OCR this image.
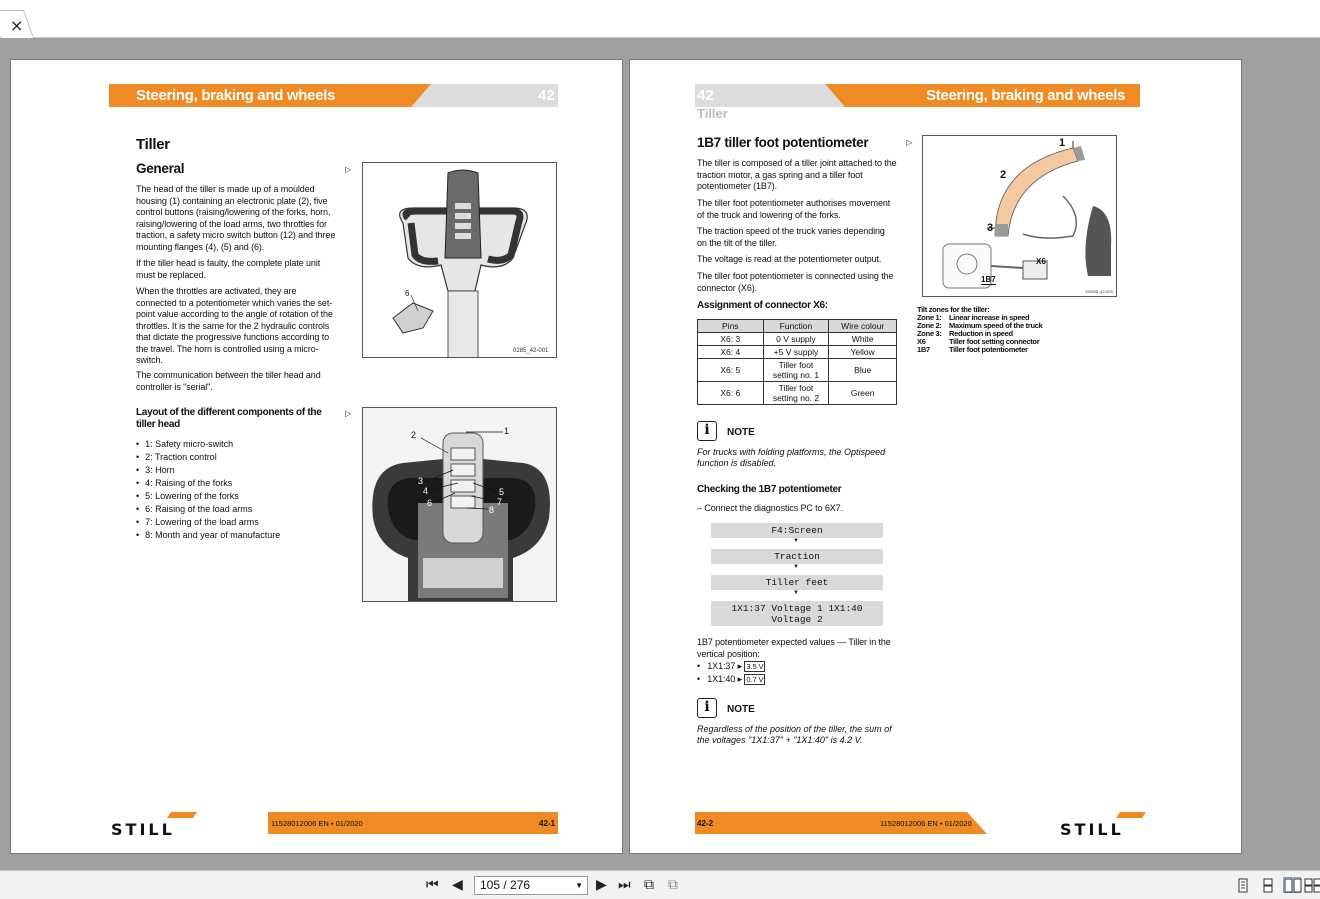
×
Steering, braking and wheels	42
Tiller
General	▷
The head of the tiller is made up of a moulded housing (1) containing an electronic plate (2), five control buttons (raising/lowering of the forks, horn, raising/lowering of the load arms, two throttles for traction, a safety micro switch button (12) and three mounting flanges (4), (5) and (6).
If the tiller head is faulty, the complete plate unit must be replaced.
When the throttles are activated, they are connected to a potentiometer which varies the set-point value according to the angle of rotation of the throttles. It is the same for the 2 hydraulic controls that dictate the progressive functions according to the travel. The horn is controlled using a micro-switch.
The communication between the tiller head and controller is "serial".
6
0285_42-001
Layout of the different components of the tiller head
▷
• 1: Safety micro-switch
• 2: Traction control
• 3: Horn
• 4: Raising of the forks
• 5: Lowering of the forks
• 6: Raising of the load arms
• 7: Lowering of the load arms
• 8: Month and year of manufacture
1
2
3
4	5
6	7
8
STILL	11528012006 EN • 01/2020	42-1
42
Tiller
Steering, braking and wheels
1B7 tiller foot potentiometer	▷
The tiller is composed of a tiller joint attached to the traction motor, a gas spring and a tiller foot potentiometer (1B7).
The tiller foot potentiometer authorises movement of the truck and lowering of the forks.
The traction speed of the truck varies depending on the tilt of the tiller.
The voltage is read at the potentiometer output.
The tiller foot potentiometer is connected using the connector (X6).
Assignment of connector X6:
Pins	Function	Wire colour
X6: 3	0 V supply	White
X6: 4	+5 V supply	Yellow
X6: 5	Tiller foot setting no. 1	Blue
X6: 6	Tiller foot setting no. 2	Green
i	NOTE
For trucks with folding platforms, the Optispeed function is disabled.
Checking the 1B7 potentiometer
– Connect the diagnostics PC to 6X7.
F4:Screen
▼
Traction
▼
Tiller feet
▼
1X1:37 Voltage 1 1X1:40 Voltage 2
1B7 potentiometer expected values — Tiller in the vertical position:
•   1X1:37 ▸ 3.5 V
•   1X1:40 ▸ 0.7 V
i	NOTE
Regardless of the position of the tiller, the sum of the voltages "1X1:37" + "1X1:40" is 4.2 V.
1
2
3
X6
1B7
115206_42-003
Tilt zones for the tiller:
Zone 1: Linear increase in speed
Zone 2: Maximum speed of the truck
Zone 3: Reduction in speed
X6	Tiller foot setting connector
1B7	Tiller foot potentiometer
42-2	11528012006 EN • 01/2020	STILL
⏮ ◀	105 / 276	▼ ▶ ⏭ ⧉ ⧉
